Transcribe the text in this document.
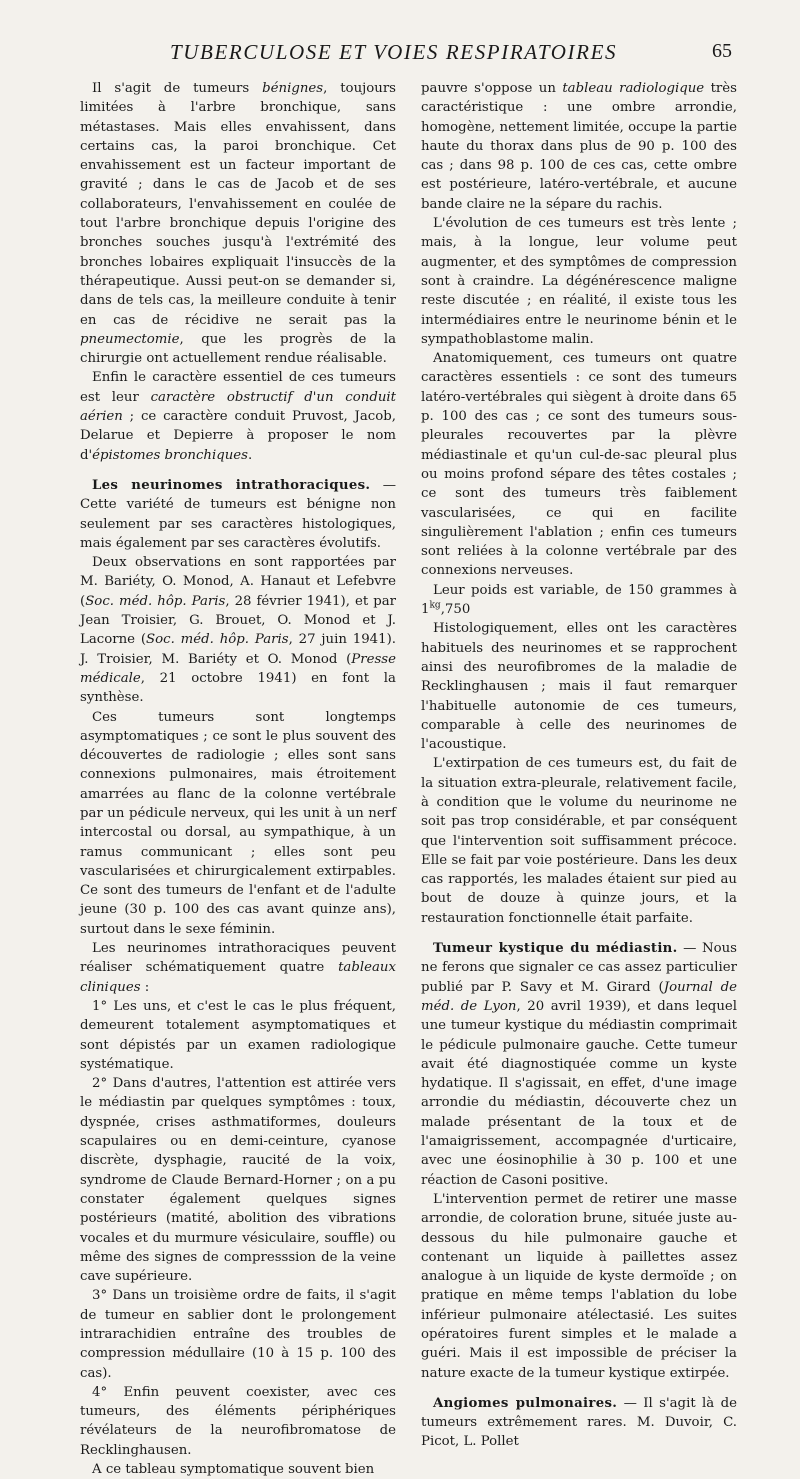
TUBERCULOSE ET VOIES RESPIRATOIRES	65

Il s'agit de tumeurs bénignes, toujours limitées à l'arbre bronchique, sans métastases. Mais elles envahissent, dans certains cas, la paroi bronchique. Cet envahissement est un facteur important de gravité ; dans le cas de Jacob et de ses collaborateurs, l'envahissement en coulée de tout l'arbre bronchique depuis l'origine des bronches souches jusqu'à l'extrémité des bronches lobaires expliquait l'insuccès de la thérapeutique. Aussi peut-on se demander si, dans de tels cas, la meilleure conduite à tenir en cas de récidive ne serait pas la pneumectomie, que les progrès de la chirurgie ont actuellement rendue réalisable.

Enfin le caractère essentiel de ces tumeurs est leur caractère obstructif d'un conduit aérien ; ce caractère conduit Pruvost, Jacob, Delarue et Depierre à proposer le nom d'épistomes bronchiques.

Les neurinomes intrathoraciques. — Cette variété de tumeurs est bénigne non seulement par ses caractères histologiques, mais également par ses caractères évolutifs.

Deux observations en sont rapportées par M. Bariéty, O. Monod, A. Hanaut et Lefebvre (Soc. méd. hôp. Paris, 28 février 1941), et par Jean Troisier, G. Brouet, O. Monod et J. Lacorne (Soc. méd. hôp. Paris, 27 juin 1941). J. Troisier, M. Bariéty et O. Monod (Presse médicale, 21 octobre 1941) en font la synthèse.

Ces tumeurs sont longtemps asymptomatiques ; ce sont le plus souvent des découvertes de radiologie ; elles sont sans connexions pulmonaires, mais étroitement amarrées au flanc de la colonne vertébrale par un pédicule nerveux, qui les unit à un nerf intercostal ou dorsal, au sympathique, à un ramus communicant ; elles sont peu vascularisées et chirurgicalement extirpables. Ce sont des tumeurs de l'enfant et de l'adulte jeune (30 p. 100 des cas avant quinze ans), surtout dans le sexe féminin.

Les neurinomes intrathoraciques peuvent réaliser schématiquement quatre tableaux cliniques :

1° Les uns, et c'est le cas le plus fréquent, demeurent totalement asymptomatiques et sont dépistés par un examen radiologique systématique.

2° Dans d'autres, l'attention est attirée vers le médiastin par quelques symptômes : toux, dyspnée, crises asthmatiformes, douleurs scapulaires ou en demi-ceinture, cyanose discrète, dysphagie, raucité de la voix, syndrome de Claude Bernard-Horner ; on a pu constater également quelques signes postérieurs (matité, abolition des vibrations vocales et du murmure vésiculaire, souffle) ou même des signes de compresssion de la veine cave supérieure.

3° Dans un troisième ordre de faits, il s'agit de tumeur en sablier dont le prolongement intrarachidien entraîne des troubles de compression médullaire (10 à 15 p. 100 des cas).

4° Enfin peuvent coexister, avec ces tumeurs, des éléments périphériques révélateurs de la neurofibromatose de Recklinghausen.

A ce tableau symptomatique souvent bien

pauvre s'oppose un tableau radiologique très caractéristique : une ombre arrondie, homogène, nettement limitée, occupe la partie haute du thorax dans plus de 90 p. 100 des cas ; dans 98 p. 100 de ces cas, cette ombre est postérieure, latéro-vertébrale, et aucune bande claire ne la sépare du rachis.

L'évolution de ces tumeurs est très lente ; mais, à la longue, leur volume peut augmenter, et des symptômes de compression sont à craindre. La dégénérescence maligne reste discutée ; en réalité, il existe tous les intermédiaires entre le neurinome bénin et le sympathoblastome malin.

Anatomiquement, ces tumeurs ont quatre caractères essentiels : ce sont des tumeurs latéro-vertébrales qui siègent à droite dans 65 p. 100 des cas ; ce sont des tumeurs sous-pleurales recouvertes par la plèvre médiastinale et qu'un cul-de-sac pleural plus ou moins profond sépare des têtes costales ; ce sont des tumeurs très faiblement vascularisées, ce qui en facilite singulièrement l'ablation ; enfin ces tumeurs sont reliées à la colonne vertébrale par des connexions nerveuses.

Leur poids est variable, de 150 grammes à $1^{kg},750$

Histologiquement, elles ont les caractères habituels des neurinomes et se rapprochent ainsi des neurofibromes de la maladie de Recklinghausen ; mais il faut remarquer l'habituelle autonomie de ces tumeurs, comparable à celle des neurinomes de l'acoustique.

L'extirpation de ces tumeurs est, du fait de la situation extra-pleurale, relativement facile, à condition que le volume du neurinome ne soit pas trop considérable, et par conséquent que l'intervention soit suffisamment précoce. Elle se fait par voie postérieure. Dans les deux cas rapportés, les malades étaient sur pied au bout de douze à quinze jours, et la restauration fonctionnelle était parfaite.

Tumeur kystique du médiastin. — Nous ne ferons que signaler ce cas assez particulier publié par P. Savy et M. Girard (Journal de méd. de Lyon, 20 avril 1939), et dans lequel une tumeur kystique du médiastin comprimait le pédicule pulmonaire gauche. Cette tumeur avait été diagnostiquée comme un kyste hydatique. Il s'agissait, en effet, d'une image arrondie du médiastin, découverte chez un malade présentant de la toux et de l'amaigrissement, accompagnée d'urticaire, avec une éosinophilie à 30 p. 100 et une réaction de Casoni positive.

L'intervention permet de retirer une masse arrondie, de coloration brune, située juste au-dessous du hile pulmonaire gauche et contenant un liquide à paillettes assez analogue à un liquide de kyste dermoïde ; on pratique en même temps l'ablation du lobe inférieur pulmonaire atélectasié. Les suites opératoires furent simples et le malade a guéri. Mais il est impossible de préciser la nature exacte de la tumeur kystique extirpée.

Angiomes pulmonaires. — Il s'agit là de tumeurs extrêmement rares. M. Duvoir, C. Picot, L. Pollet
